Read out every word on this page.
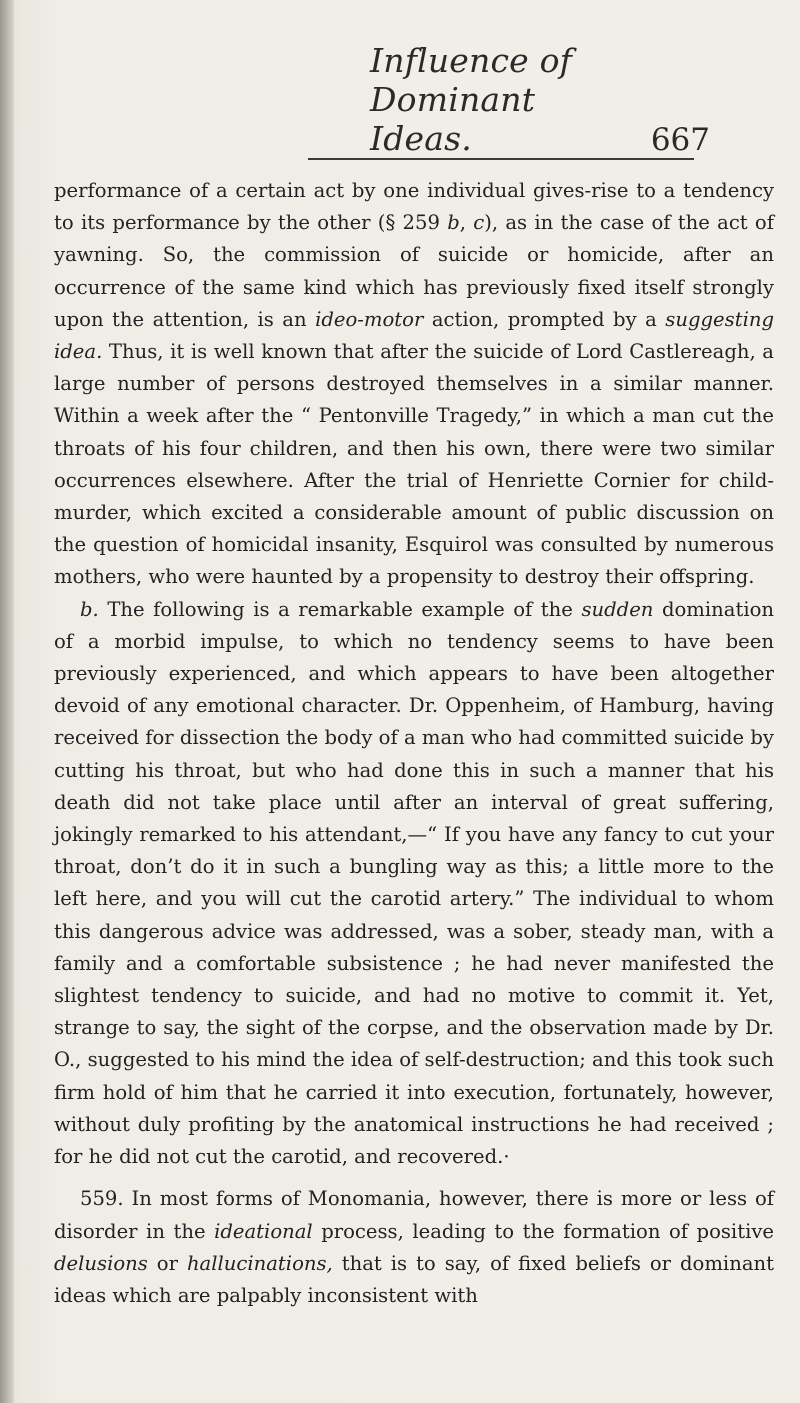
Influence of Dominant Ideas.	667

performance of a certain act by one individual gives-rise to a tendency to its performance by the other (§ 259 b, c), as in the case of the act of yawning. So, the commission of suicide or homicide, after an occurrence of the same kind which has previously fixed itself strongly upon the attention, is an ideo-motor action, prompted by a suggesting idea. Thus, it is well known that after the suicide of Lord Castlereagh, a large number of persons destroyed themselves in a similar manner. Within a week after the “ Pentonville Tragedy,” in which a man cut the throats of his four children, and then his own, there were two similar occurrences elsewhere. After the trial of Henriette Cornier for child-murder, which excited a considerable amount of public discussion on the question of homicidal insanity, Esquirol was consulted by numerous mothers, who were haunted by a propensity to destroy their offspring.

b. The following is a remarkable example of the sudden domination of a morbid impulse, to which no tendency seems to have been previously experienced, and which appears to have been altogether devoid of any emotional character. Dr. Oppenheim, of Hamburg, having received for dissection the body of a man who had committed suicide by cutting his throat, but who had done this in such a manner that his death did not take place until after an interval of great suffering, jokingly remarked to his attendant,—“ If you have any fancy to cut your throat, don’t do it in such a bungling way as this; a little more to the left here, and you will cut the carotid artery.” The individual to whom this dangerous advice was addressed, was a sober, steady man, with a family and a comfortable subsistence ; he had never manifested the slightest tendency to suicide, and had no motive to commit it. Yet, strange to say, the sight of the corpse, and the observation made by Dr. O., suggested to his mind the idea of self-destruction; and this took such firm hold of him that he carried it into execution, fortunately, however, without duly profiting by the anatomical instructions he had received ; for he did not cut the carotid, and recovered.·

559. In most forms of Monomania, however, there is more or less of disorder in the ideational process, leading to the formation of positive delusions or hallucinations, that is to say, of fixed beliefs or dominant ideas which are palpably inconsistent with
